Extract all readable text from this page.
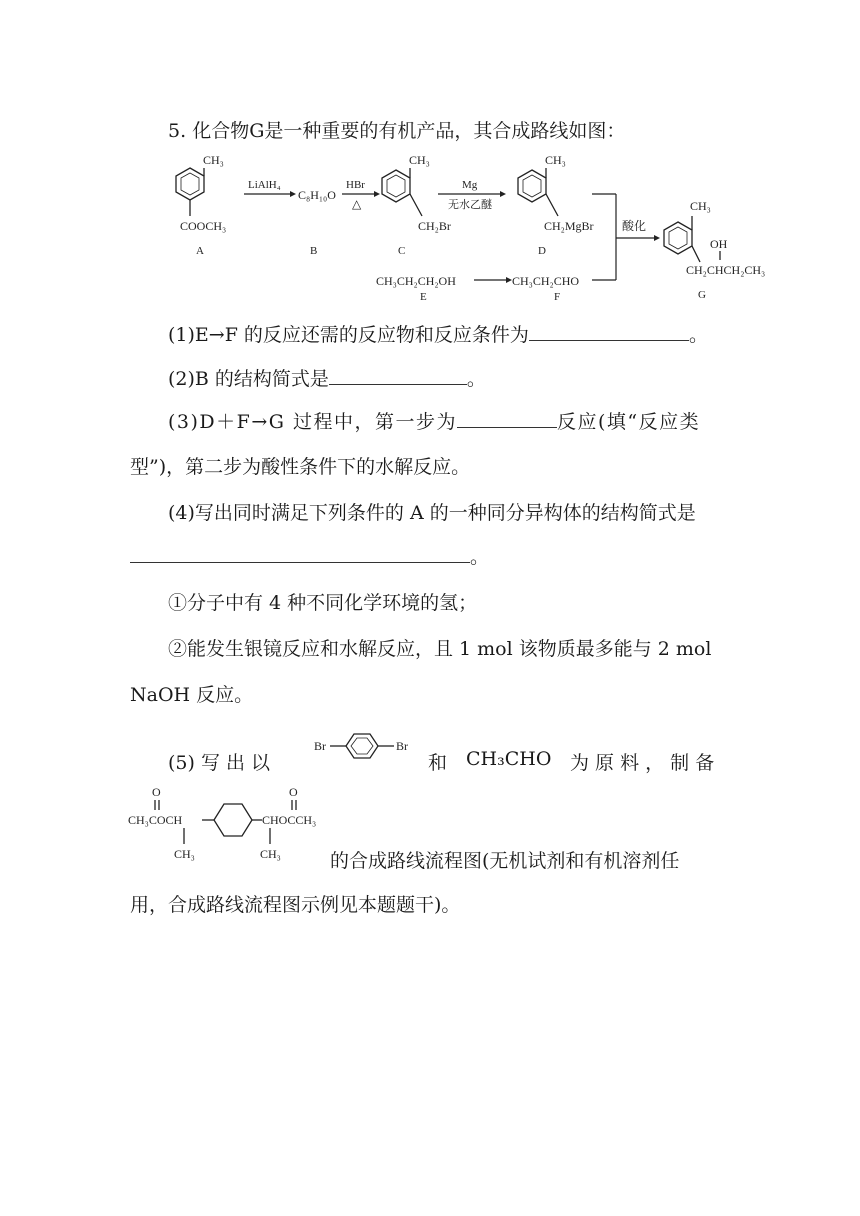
5. 化合物G是一种重要的有机产品，其合成路线如图：
CH₃
COOCH₃
A
LiAlH₄
C₈H₁₀O
B
HBr
△
CH₃
CH₂Br
C
Mg
无水乙醚
CH₃
CH₂MgBr
D
酸化
CH₃CH₂CH₂OH
E
CH₃CH₂CHO
F
CH₃
OH
CH₂CHCH₂CH₃
G
(1)E→F 的反应还需的反应物和反应条件为	。
(2)B 的结构简式是	。
(3)D＋F→G 过程中，第一步为	反应(填“反应类
型”)，第二步为酸性条件下的水解反应。
(4)写出同时满足下列条件的 A 的一种同分异构体的结构简式是
。
①分子中有 4 种不同化学环境的氢；
②能发生银镜反应和水解反应，且 1 mol 该物质最多能与 2 mol
NaOH 反应。
(5) 写 出 以
Br	Br
和 CH₃CHO 为 原 料 ， 制 备
O
CH₃COCH
CH₃
CHOCCH₃
O
CH₃	的合成路线流程图(无机试剂和有机溶剂任
用，合成路线流程图示例见本题题干)。
